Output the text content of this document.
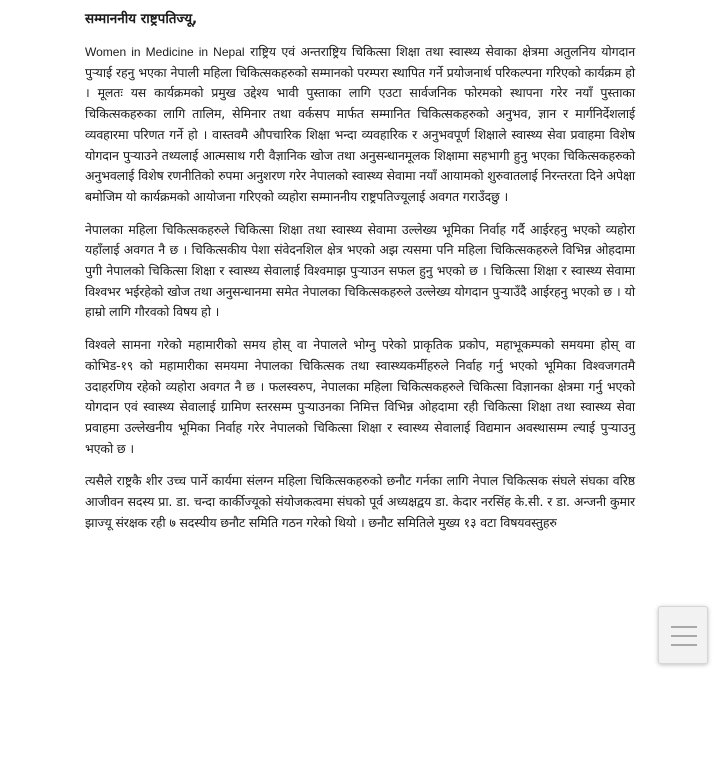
सम्माननीय राष्ट्रपतिज्यू,

Women in Medicine in Nepal राष्ट्रिय एवं अन्तराष्ट्रिय चिकित्सा शिक्षा तथा स्वास्थ्य सेवाका क्षेत्रमा अतुलनिय योगदान पुऱ्याई रहनु भएका नेपाली महिला चिकित्सकहरुको सम्मानको परम्परा स्थापित गर्ने प्रयोजनार्थ परिकल्पना गरिएको कार्यक्रम हो । मूलतः यस कार्यक्रमको प्रमुख उद्देश्य भावी पुस्ताका लागि एउटा सार्वजनिक फोरमको स्थापना गरेर नयाँ पुस्ताका चिकित्सकहरुका लागि तालिम, सेमिनार तथा वर्कसप मार्फत सम्मानित चिकित्सकहरुको अनुभव, ज्ञान र मार्गनिर्देशलाई व्यवहारमा परिणत गर्ने हो । वास्तवमै औपचारिक शिक्षा भन्दा व्यवहारिक र अनुभवपूर्ण शिक्षाले स्वास्थ्य सेवा प्रवाहमा विशेष योगदान पुऱ्याउने तथ्यलाई आत्मसाथ गरी वैज्ञानिक खोज तथा अनुसन्धानमूलक शिक्षामा सहभागी हुनु भएका चिकित्सकहरुको अनुभवलाई विशेष रणनीतिको रुपमा अनुशरण गरेर नेपालको स्वास्थ्य सेवामा नयाँ आयामको शुरुवातलाई निरन्तरता दिने अपेक्षा बमोजिम यो कार्यक्रमको आयोजना गरिएको व्यहोरा सम्माननीय राष्ट्रपतिज्यूलाई अवगत गराउँदछु ।

नेपालका महिला चिकित्सकहरुले चिकित्सा शिक्षा तथा स्वास्थ्य सेवामा उल्लेख्य भूमिका निर्वाह गर्दै आईरहनु भएको व्यहोरा यहाँलाई अवगत नै छ । चिकित्सकीय पेशा संवेदनशिल क्षेत्र भएको अझ त्यसमा पनि महिला चिकित्सकहरुले विभिन्न ओहदामा पुगी नेपालको चिकित्सा शिक्षा र स्वास्थ्य सेवालाई विश्वमाझ पुऱ्याउन सफल हुनु भएको छ । चिकित्सा शिक्षा र स्वास्थ्य सेवामा विश्वभर भईरहेको खोज तथा अनुसन्धानमा समेत नेपालका चिकित्सकहरुले उल्लेख्य योगदान पुऱ्याउँदै आईरहनु भएको छ । यो हाम्रो लागि गौरवको विषय हो ।

विश्वले सामना गरेको महामारीको समय होस् वा नेपालले भोग्नु परेको प्राकृतिक प्रकोप, महाभूकम्पको समयमा होस् वा कोभिड-१९ को महामारीका समयमा नेपालका चिकित्सक तथा स्वास्थ्यकर्मीहरुले निर्वाह गर्नु भएको भूमिका विश्वजगतमै उदाहरणिय रहेको व्यहोरा अवगत नै छ । फलस्वरुप, नेपालका महिला चिकित्सकहरुले चिकित्सा विज्ञानका क्षेत्रमा गर्नु भएको योगदान एवं स्वास्थ्य सेवालाई ग्रामिण स्तरसम्म पुऱ्याउनका निमित्त विभिन्न ओहदामा रही चिकित्सा शिक्षा तथा स्वास्थ्य सेवा प्रवाहमा उल्लेखनीय भूमिका निर्वाह गरेर नेपालको चिकित्सा शिक्षा र स्वास्थ्य सेवालाई विद्यमान अवस्थासम्म ल्याई पुऱ्याउनु भएको छ ।

त्यसैले राष्ट्रकै शीर उच्च पार्ने कार्यमा संलग्न महिला चिकित्सकहरुको छनौट गर्नका लागि नेपाल चिकित्सक संघले संघका वरिष्ठ आजीवन सदस्य प्रा. डा. चन्दा कार्कीज्यूको संयोजकत्वमा संघको पूर्व अध्यक्षद्वय डा. केदार नरसिंह के.सी. र डा. अन्जनी कुमार झाज्यू संरक्षक रही ७ सदस्यीय छनौट समिति गठन गरेको थियो । छनौट समितिले मुख्य १३ वटा विषयवस्तुहरु
